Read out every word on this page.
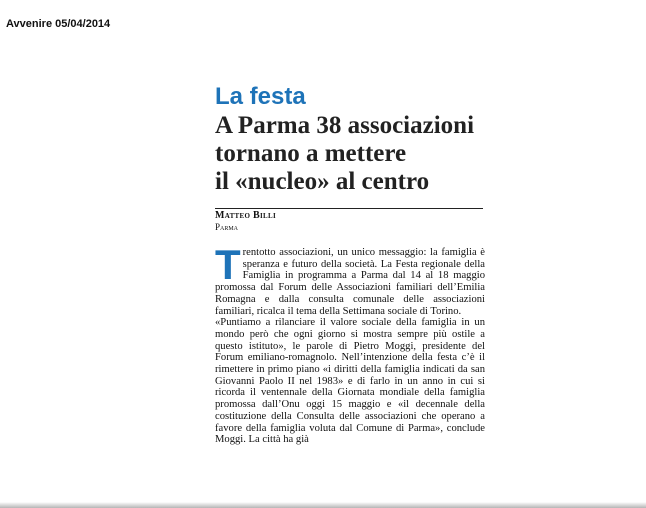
Avvenire 05/04/2014
La festa
A Parma 38 associazioni
tornano a mettere
il «nucleo» al centro
Matteo Billi
Parma

Trentotto associazioni, un unico messaggio: la famiglia è speranza e futuro della società. La Festa regionale della Famiglia in programma a Parma dal 14 al 18 maggio promossa dal Forum delle Associazioni familiari dell’Emilia Romagna e dalla consulta comunale delle associazioni familiari, ricalca il tema della Settimana sociale di Torino.

«Puntiamo a rilanciare il valore sociale della famiglia in un mondo però che ogni giorno si mostra sempre più ostile a questo istituto», le parole di Pietro Moggi, presidente del Forum emiliano-romagnolo. Nell’intenzione della festa c’è il rimettere in primo piano «i diritti della famiglia indicati da san Giovanni Paolo II nel 1983» e di farlo in un anno in cui si ricorda il ventennale della Giornata mondiale della famiglia promossa dall’Onu oggi 15 maggio e «il decennale della costituzione della Consulta delle associazioni che operano a favore della famiglia voluta dal Comune di Parma», conclude Moggi. La città ha già
